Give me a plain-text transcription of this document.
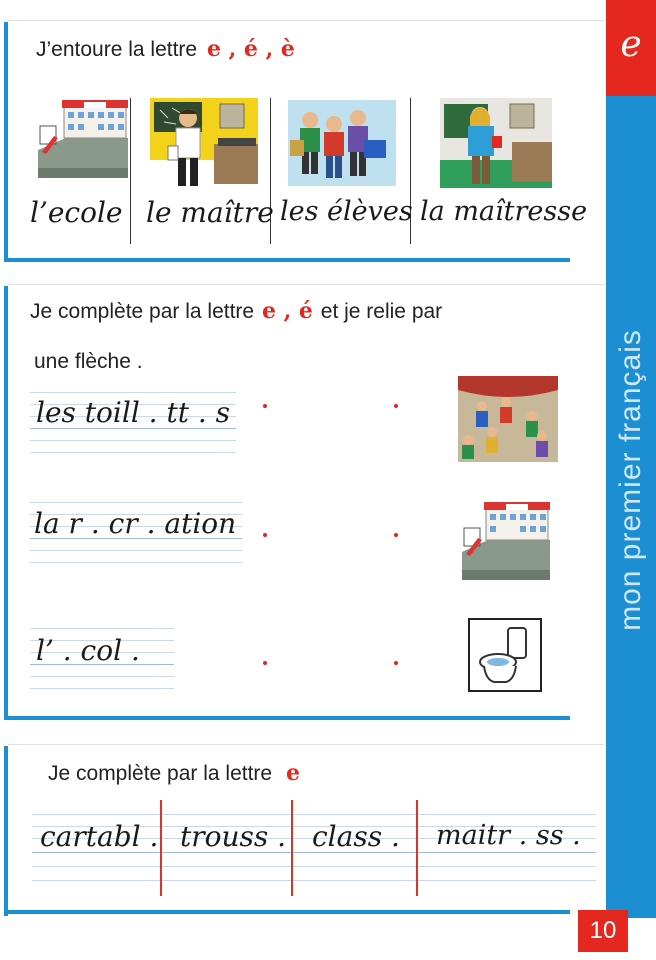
e
mon premier français
10
J’entoure la lettre e , é , è
l’ecole le maître les élèves la maîtresse
Je complète par la lettre e , é et je relie par
une flèche .
les toill . tt . s
la r . cr . ation
l’ . col .
Je complète par la lettre e
cartabl . trouss . class . maitr . ss .
